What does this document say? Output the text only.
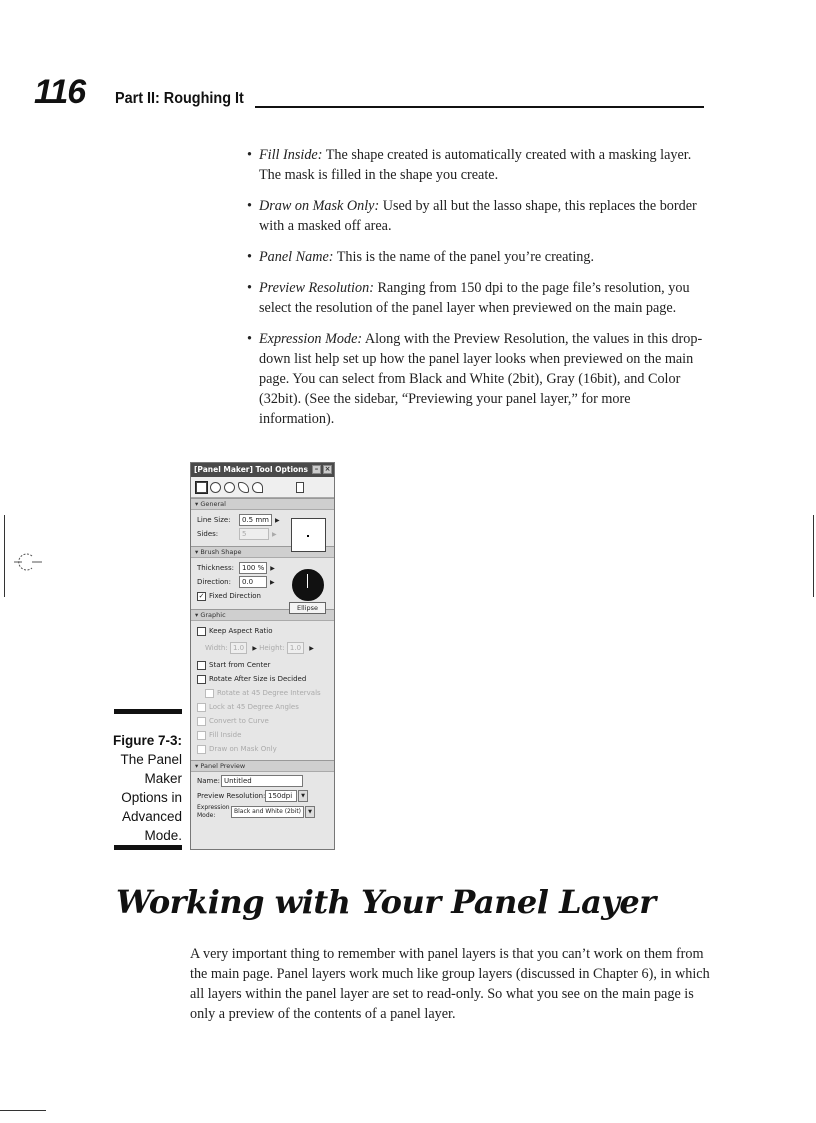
116 Part II: Roughing It
• Fill Inside: The shape created is automatically created with a masking layer. The mask is filled in the shape you create.
• Draw on Mask Only: Used by all but the lasso shape, this replaces the border with a masked off area.
• Panel Name: This is the name of the panel you’re creating.
• Preview Resolution: Ranging from 150 dpi to the page file’s resolution, you select the resolution of the panel layer when previewed on the main page.
• Expression Mode: Along with the Preview Resolution, the values in this drop-down list help set up how the panel layer looks when previewed on the main page. You can select from Black and White (2bit), Gray (16bit), and Color (32bit). (See the sidebar, “Previewing your panel layer,” for more information).
Figure 7-3:
The Panel Maker Options in Advanced Mode.
[Panel Maker] Tool Options – ×
▾ General
Line Size: 0.5 mm ▶
Sides:	5	▶
▾ Brush Shape
Thickness: 100 % ▶
Direction: 0.0	▶
✓ Fixed Direction
Ellipse
▾ Graphic
Keep Aspect Ratio
Width: 1.0 ▶ Height: 1.0 ▶
Start from Center
Rotate After Size is Decided
Rotate at 45 Degree Intervals
Lock at 45 Degree Angles
Convert to Curve
Fill Inside
Draw on Mask Only
▾ Panel Preview
Name: Untitled
Preview Resolution: 150dpi ▼
Expression
Mode:Black and White (2bit) ▼
Working with Your Panel Layer

A very important thing to remember with panel layers is that you can’t work on them from the main page. Panel layers work much like group layers (discussed in Chapter 6), in which all layers within the panel layer are set to read-only. So what you see on the main page is only a preview of the contents of a panel layer.
